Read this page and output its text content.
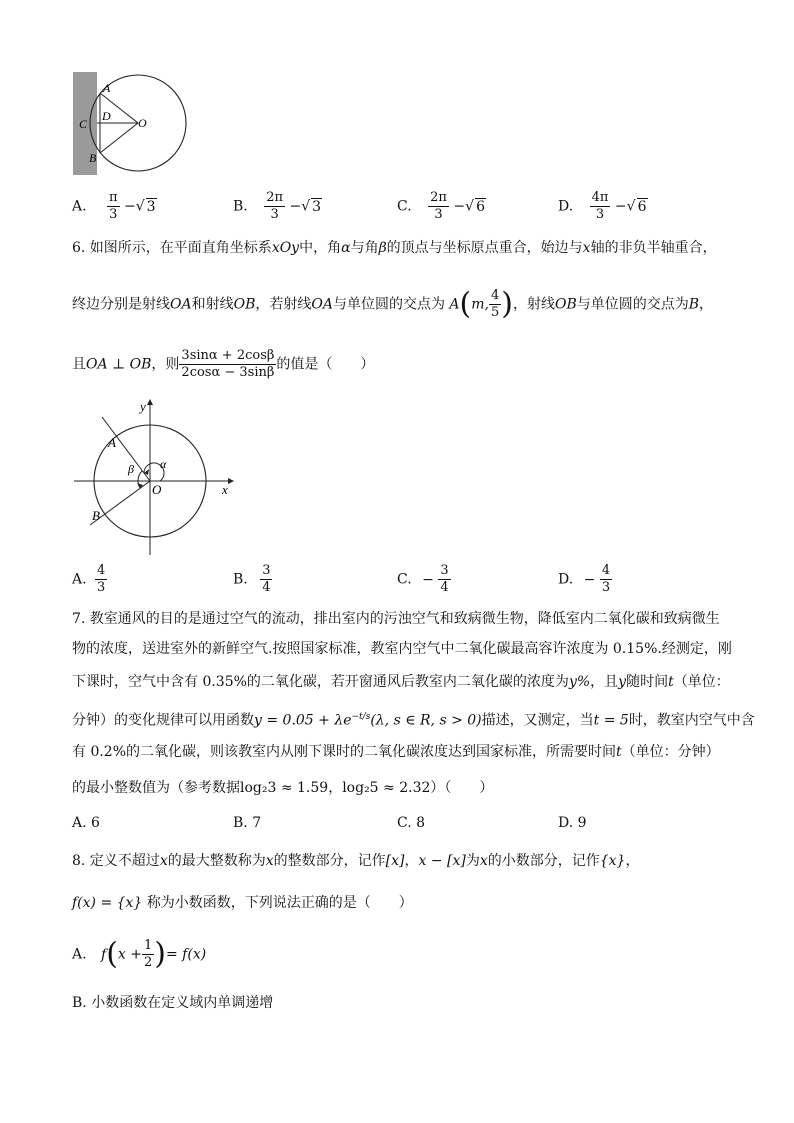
A
C
D O
B
A. $\frac{\pi}{3}$ −√ 3	B. $\frac{2\pi}{3}$ −√ 3	C. $\frac{2\pi}{3}$ −√ 6	D. $\frac{4\pi}{3}$ −√ 6
6. 如图所示，在平面直角坐标系xOy中，角α与角β的顶点与坐标原点重合，始边与x轴的非负半轴重合，
终边分别是射线OA和射线OB，若射线OA与单位圆的交点为 A(m, $\frac{4}{5}$ )，射线OB与单位圆的交点为B，
且OA ⊥ OB，则 $\frac{3\sin\alpha + 2\cos\beta}{2\cos\alpha - 3\sin\beta}$ 的值是（　　）
y
x
A
B
O
α
β
A. $\frac{4}{3}$	B. $\frac{3}{4}$	C. − $\frac{3}{4}$	D. − $\frac{4}{3}$
7. 教室通风的目的是通过空气的流动，排出室内的污浊空气和致病微生物，降低室内二氧化碳和致病微生
物的浓度，送进室外的新鲜空气.按照国家标准，教室内空气中二氧化碳最高容许浓度为 0.15%.经测定，刚
下课时，空气中含有 0.35%的二氧化碳，若开窗通风后教室内二氧化碳的浓度为y%，且y随时间t（单位：
分钟）的变化规律可以用函数$y = 0.05 + \lambda e^{-t/s}(\lambda$, s ∈ R, s > 0)描述，又测定，当t = 5时，教室内空气中含
有 0.2%的二氧化碳，则该教室内从刚下课时的二氧化碳浓度达到国家标准，所需要时间t（单位：分钟）
的最小整数值为（参考数据log₂3 ≈ 1.59，log₂5 ≈ 2.32）（　　）
A. 6	B. 7	C. 8	D. 9
8. 定义不超过x的最大整数称为x的整数部分，记作[x]，x − [x]为x的小数部分，记作{x}，
f(x) = {x} 称为小数函数，下列说法正确的是（　　）
A. $f(x + \frac{1}{2}$ )= f(x)
B. 小数函数在定义域内单调递增
